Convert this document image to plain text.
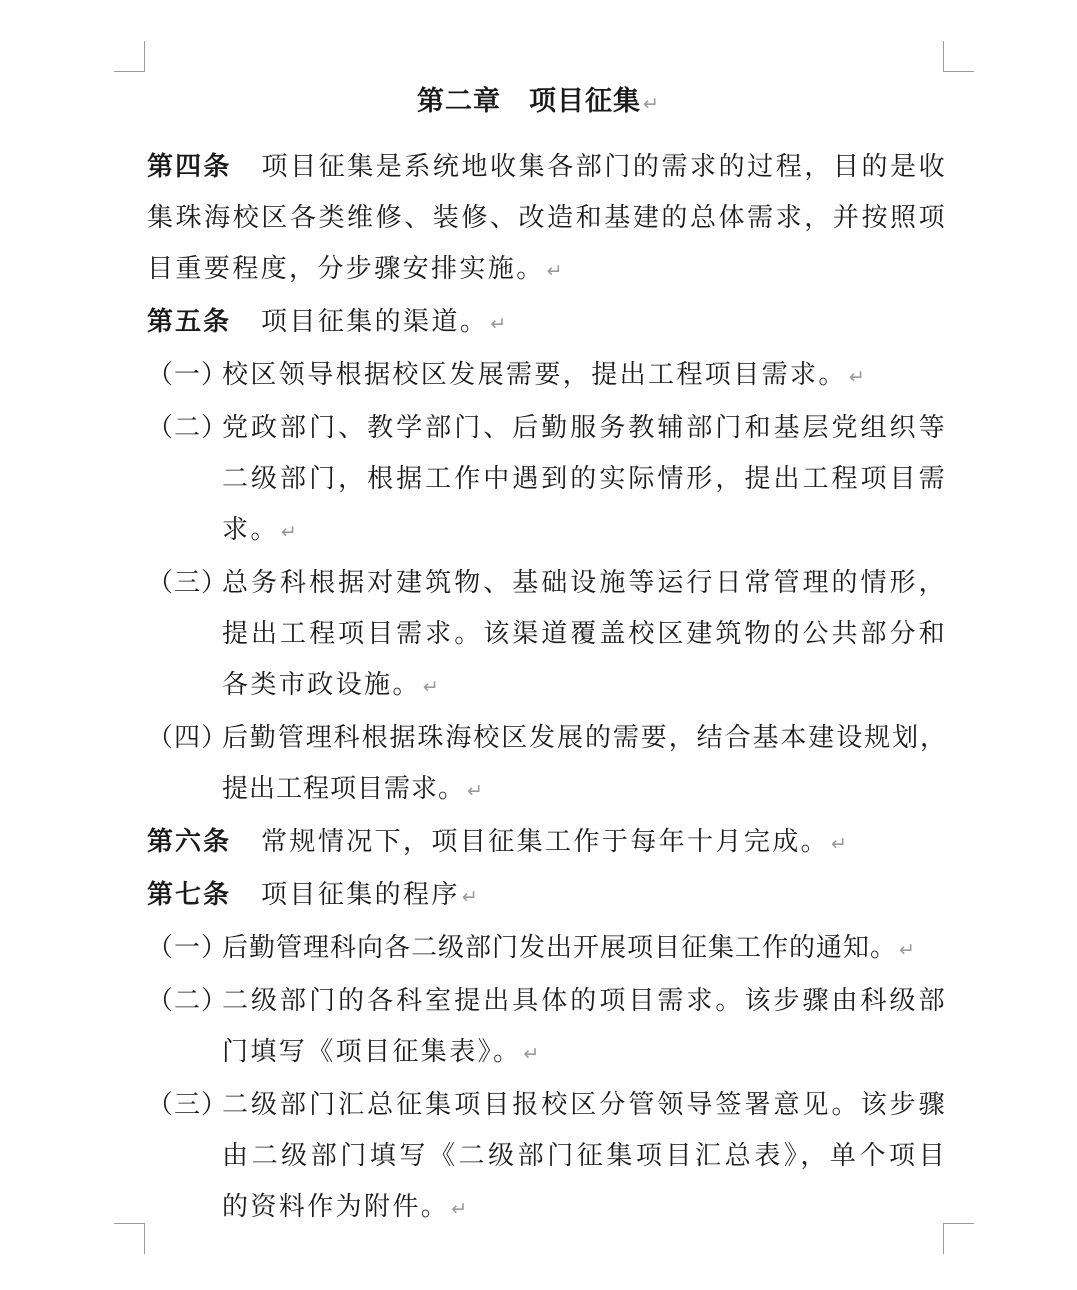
第二章　项目征集 ↵

第四条 项目征集是系统地收集各部门的需求的过程，目的是收集珠海校区各类维修、装修、改造和基建的总体需求，并按照项目重要程度，分步骤安排实施。 ↵

第五条 项目征集的渠道。 ↵

（一）
校区领导根据校区发展需要，提出工程项目需求。 ↵

（二）
党政部门、教学部门、后勤服务教辅部门和基层党组织等二级部门，根据工作中遇到的实际情形，提出工程项目需求。 ↵

（三）
总务科根据对建筑物、基础设施等运行日常管理的情形，提出工程项目需求。该渠道覆盖校区建筑物的公共部分和各类市政设施。 ↵

（四）
后勤管理科根据珠海校区发展的需要，结合基本建设规划，提出工程项目需求。 ↵

第六条 常规情况下，项目征集工作于每年十月完成。 ↵

第七条 项目征集的程序 ↵

（一）
后勤管理科向各二级部门发出开展项目征集工作的通知。 ↵

（二）
二级部门的各科室提出具体的项目需求。该步骤由科级部门填写《项目征集表》。 ↵

（三）
二级部门汇总征集项目报校区分管领导签署意见。该步骤由二级部门填写《二级部门征集项目汇总表》，单个项目的资料作为附件。 ↵
